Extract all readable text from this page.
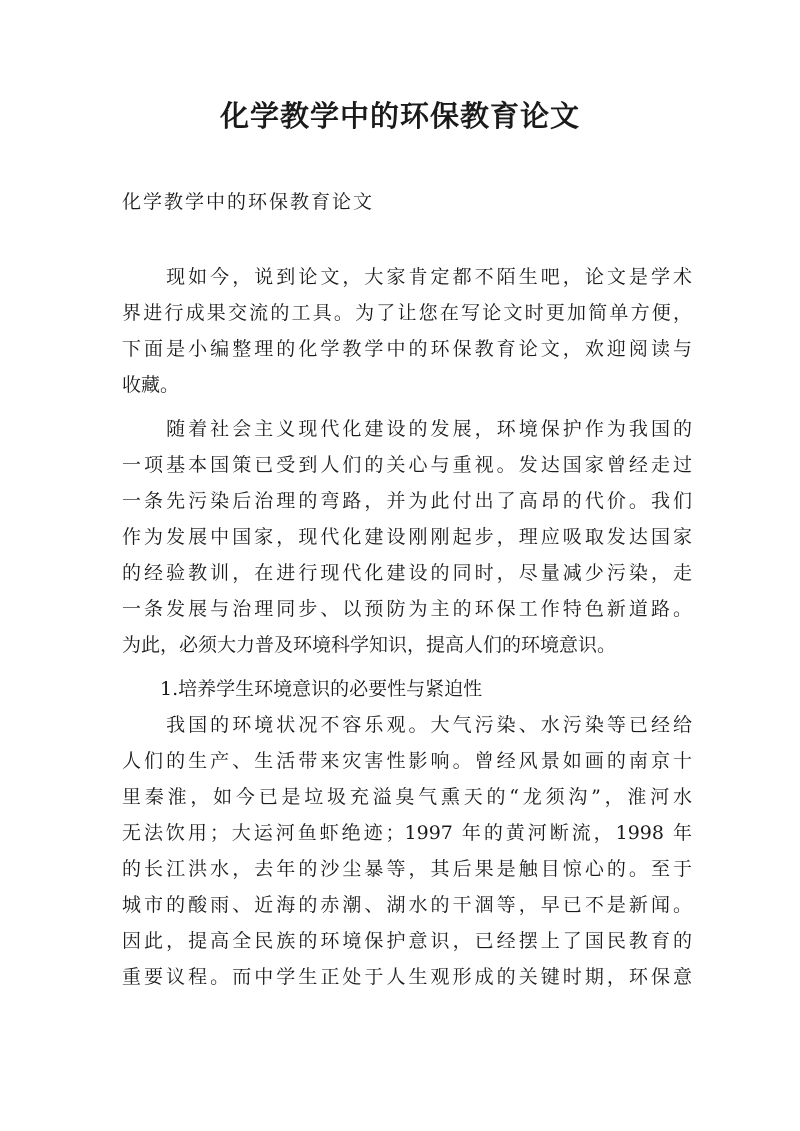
化学教学中的环保教育论文
化学教学中的环保教育论文
　　现如今，说到论文，大家肯定都不陌生吧，论文是学术
界进行成果交流的工具。为了让您在写论文时更加简单方便，
下面是小编整理的化学教学中的环保教育论文，欢迎阅读与
收藏。
　　随着社会主义现代化建设的发展，环境保护作为我国的
一项基本国策已受到人们的关心与重视。发达国家曾经走过
一条先污染后治理的弯路，并为此付出了高昂的代价。我们
作为发展中国家，现代化建设刚刚起步，理应吸取发达国家
的经验教训，在进行现代化建设的同时，尽量减少污染，走
一条发展与治理同步、以预防为主的环保工作特色新道路。
为此，必须大力普及环境科学知识，提高人们的环境意识。
　　1.培养学生环境意识的必要性与紧迫性
　　我国的环境状况不容乐观。大气污染、水污染等已经给
人们的生产、生活带来灾害性影响。曾经风景如画的南京十
里秦淮，如今已是垃圾充溢臭气熏天的“龙须沟”，淮河水
无法饮用；大运河鱼虾绝迹；1997 年的黄河断流，1998 年
的长江洪水，去年的沙尘暴等，其后果是触目惊心的。至于
城市的酸雨、近海的赤潮、湖水的干涸等，早已不是新闻。
因此，提高全民族的环境保护意识，已经摆上了国民教育的
重要议程。而中学生正处于人生观形成的关键时期，环保意
